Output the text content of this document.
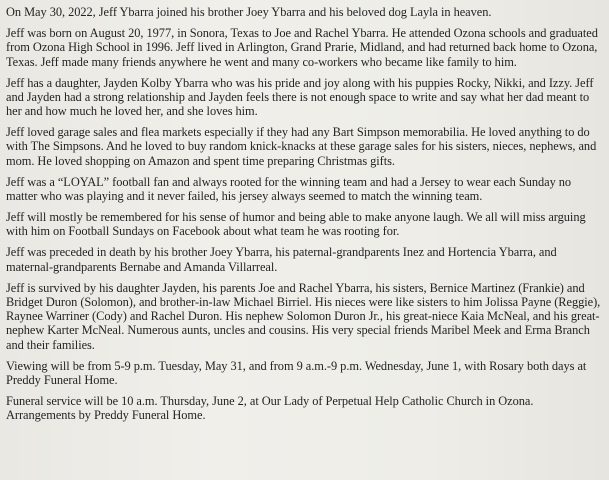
On May 30, 2022, Jeff Ybarra joined his brother Joey Ybarra and his beloved dog Layla in heaven.

Jeff was born on August 20, 1977, in Sonora, Texas to Joe and Rachel Ybarra. He attended Ozona schools and graduated from Ozona High School in 1996. Jeff lived in Arlington, Grand Prarie, Midland, and had returned back home to Ozona, Texas. Jeff made many friends anywhere he went and many co-workers who became like family to him.

Jeff has a daughter, Jayden Kolby Ybarra who was his pride and joy along with his puppies Rocky, Nikki, and Izzy. Jeff and Jayden had a strong relationship and Jayden feels there is not enough space to write and say what her dad meant to her and how much he loved her, and she loves him.

Jeff loved garage sales and flea markets especially if they had any Bart Simpson memorabilia. He loved anything to do with The Simpsons. And he loved to buy random knick-knacks at these garage sales for his sisters, nieces, nephews, and mom. He loved shopping on Amazon and spent time preparing Christmas gifts.

Jeff was a “LOYAL” football fan and always rooted for the winning team and had a Jersey to wear each Sunday no matter who was playing and it never failed, his jersey always seemed to match the winning team.

Jeff will mostly be remembered for his sense of humor and being able to make anyone laugh. We all will miss arguing with him on Football Sundays on Facebook about what team he was rooting for.

Jeff was preceded in death by his brother Joey Ybarra, his paternal-grandparents Inez and Hortencia Ybarra, and maternal-grandparents Bernabe and Amanda Villarreal.

Jeff is survived by his daughter Jayden, his parents Joe and Rachel Ybarra, his sisters, Bernice Martinez (Frankie) and Bridget Duron (Solomon), and brother-in-law Michael Birriel. His nieces were like sisters to him Jolissa Payne (Reggie), Raynee Warriner (Cody) and Rachel Duron. His nephew Solomon Duron Jr., his great-niece Kaia McNeal, and his great-nephew Karter McNeal. Numerous aunts, uncles and cousins. His very special friends Maribel Meek and Erma Branch and their families.

Viewing will be from 5-9 p.m. Tuesday, May 31, and from 9 a.m.-9 p.m. Wednesday, June 1, with Rosary both days at Preddy Funeral Home.

Funeral service will be 10 a.m. Thursday, June 2, at Our Lady of Perpetual Help Catholic Church in Ozona. Arrangements by Preddy Funeral Home.
